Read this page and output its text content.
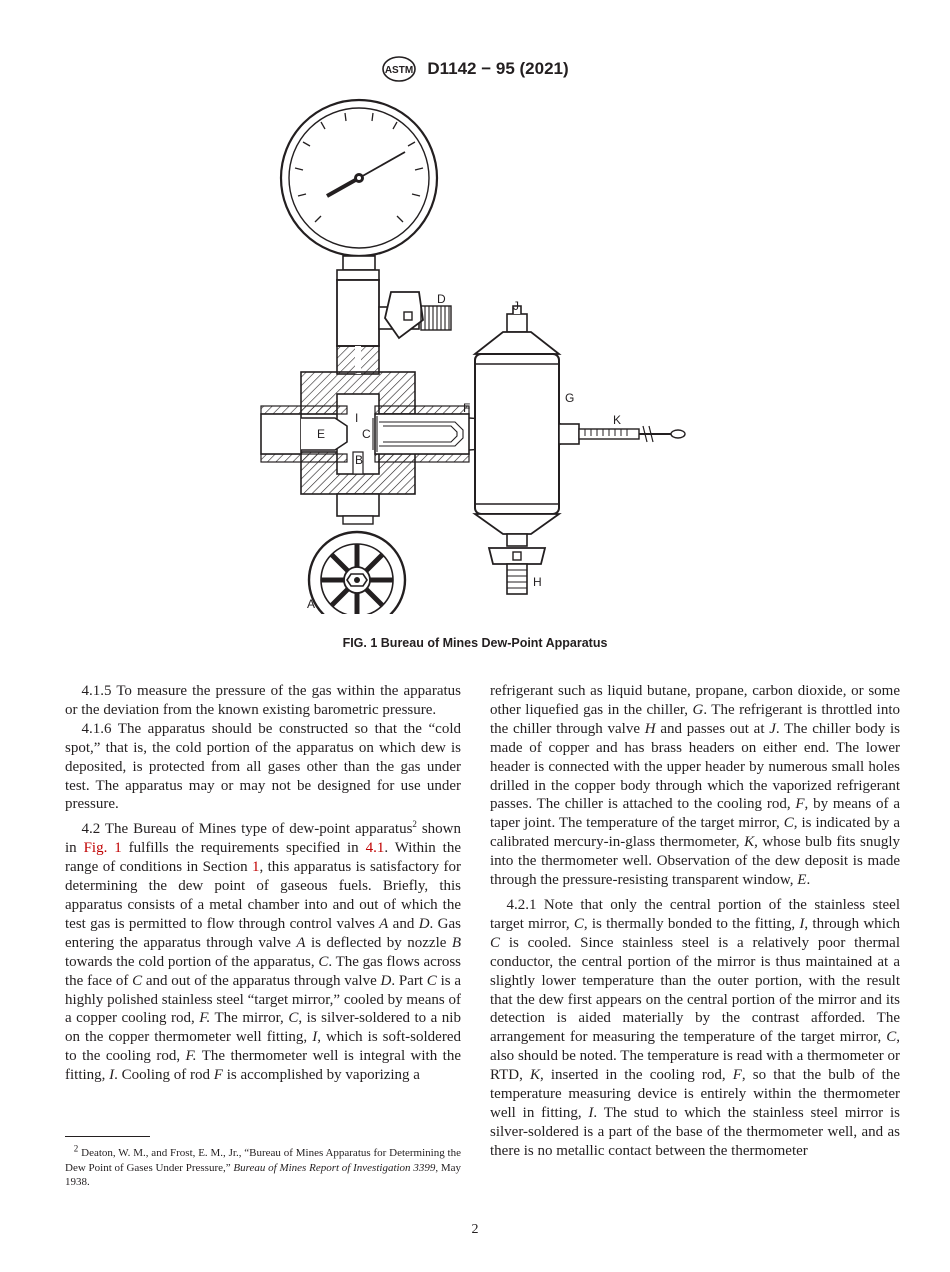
ASTM D1142 − 95 (2021)
D	J
G
F
I
E	C
B
K
A
H
FIG. 1 Bureau of Mines Dew-Point Apparatus

4.1.5 To measure the pressure of the gas within the apparatus or the deviation from the known existing barometric pressure.

4.1.6 The apparatus should be constructed so that the “cold spot,” that is, the cold portion of the apparatus on which dew is deposited, is protected from all gases other than the gas under test. The apparatus may or may not be designed for use under pressure.

4.2 The Bureau of Mines type of dew-point apparatus$^2$ shown in Fig. 1 fulfills the requirements specified in 4.1. Within the range of conditions in Section 1, this apparatus is satisfactory for determining the dew point of gaseous fuels. Briefly, this apparatus consists of a metal chamber into and out of which the test gas is permitted to flow through control valves A and D. Gas entering the apparatus through valve A is deflected by nozzle B towards the cold portion of the apparatus, C. The gas flows across the face of C and out of the apparatus through valve D. Part C is a highly polished stainless steel “target mirror,” cooled by means of a copper cooling rod, F. The mirror, C, is silver-soldered to a nib on the copper thermometer well fitting, I, which is soft-soldered to the cooling rod, F. The thermometer well is integral with the fitting, I. Cooling of rod F is accomplished by vaporizing a

$^2$ Deaton, W. M., and Frost, E. M., Jr., “Bureau of Mines Apparatus for Determining the Dew Point of Gases Under Pressure,” Bureau of Mines Report of Investigation 3399, May 1938.

refrigerant such as liquid butane, propane, carbon dioxide, or some other liquefied gas in the chiller, G. The refrigerant is throttled into the chiller through valve H and passes out at J. The chiller body is made of copper and has brass headers on either end. The lower header is connected with the upper header by numerous small holes drilled in the copper body through which the vaporized refrigerant passes. The chiller is attached to the cooling rod, F, by means of a taper joint. The temperature of the target mirror, C, is indicated by a calibrated mercury-in-glass thermometer, K, whose bulb fits snugly into the thermometer well. Observation of the dew deposit is made through the pressure-resisting transparent window, E.

4.2.1 Note that only the central portion of the stainless steel target mirror, C, is thermally bonded to the fitting, I, through which C is cooled. Since stainless steel is a relatively poor thermal conductor, the central portion of the mirror is thus maintained at a slightly lower temperature than the outer portion, with the result that the dew first appears on the central portion of the mirror and its detection is aided materially by the contrast afforded. The arrangement for measuring the temperature of the target mirror, C, also should be noted. The temperature is read with a thermometer or RTD, K, inserted in the cooling rod, F, so that the bulb of the temperature measuring device is entirely within the thermometer well in fitting, I. The stud to which the stainless steel mirror is silver-soldered is a part of the base of the thermometer well, and as there is no metallic contact between the thermometer

2
